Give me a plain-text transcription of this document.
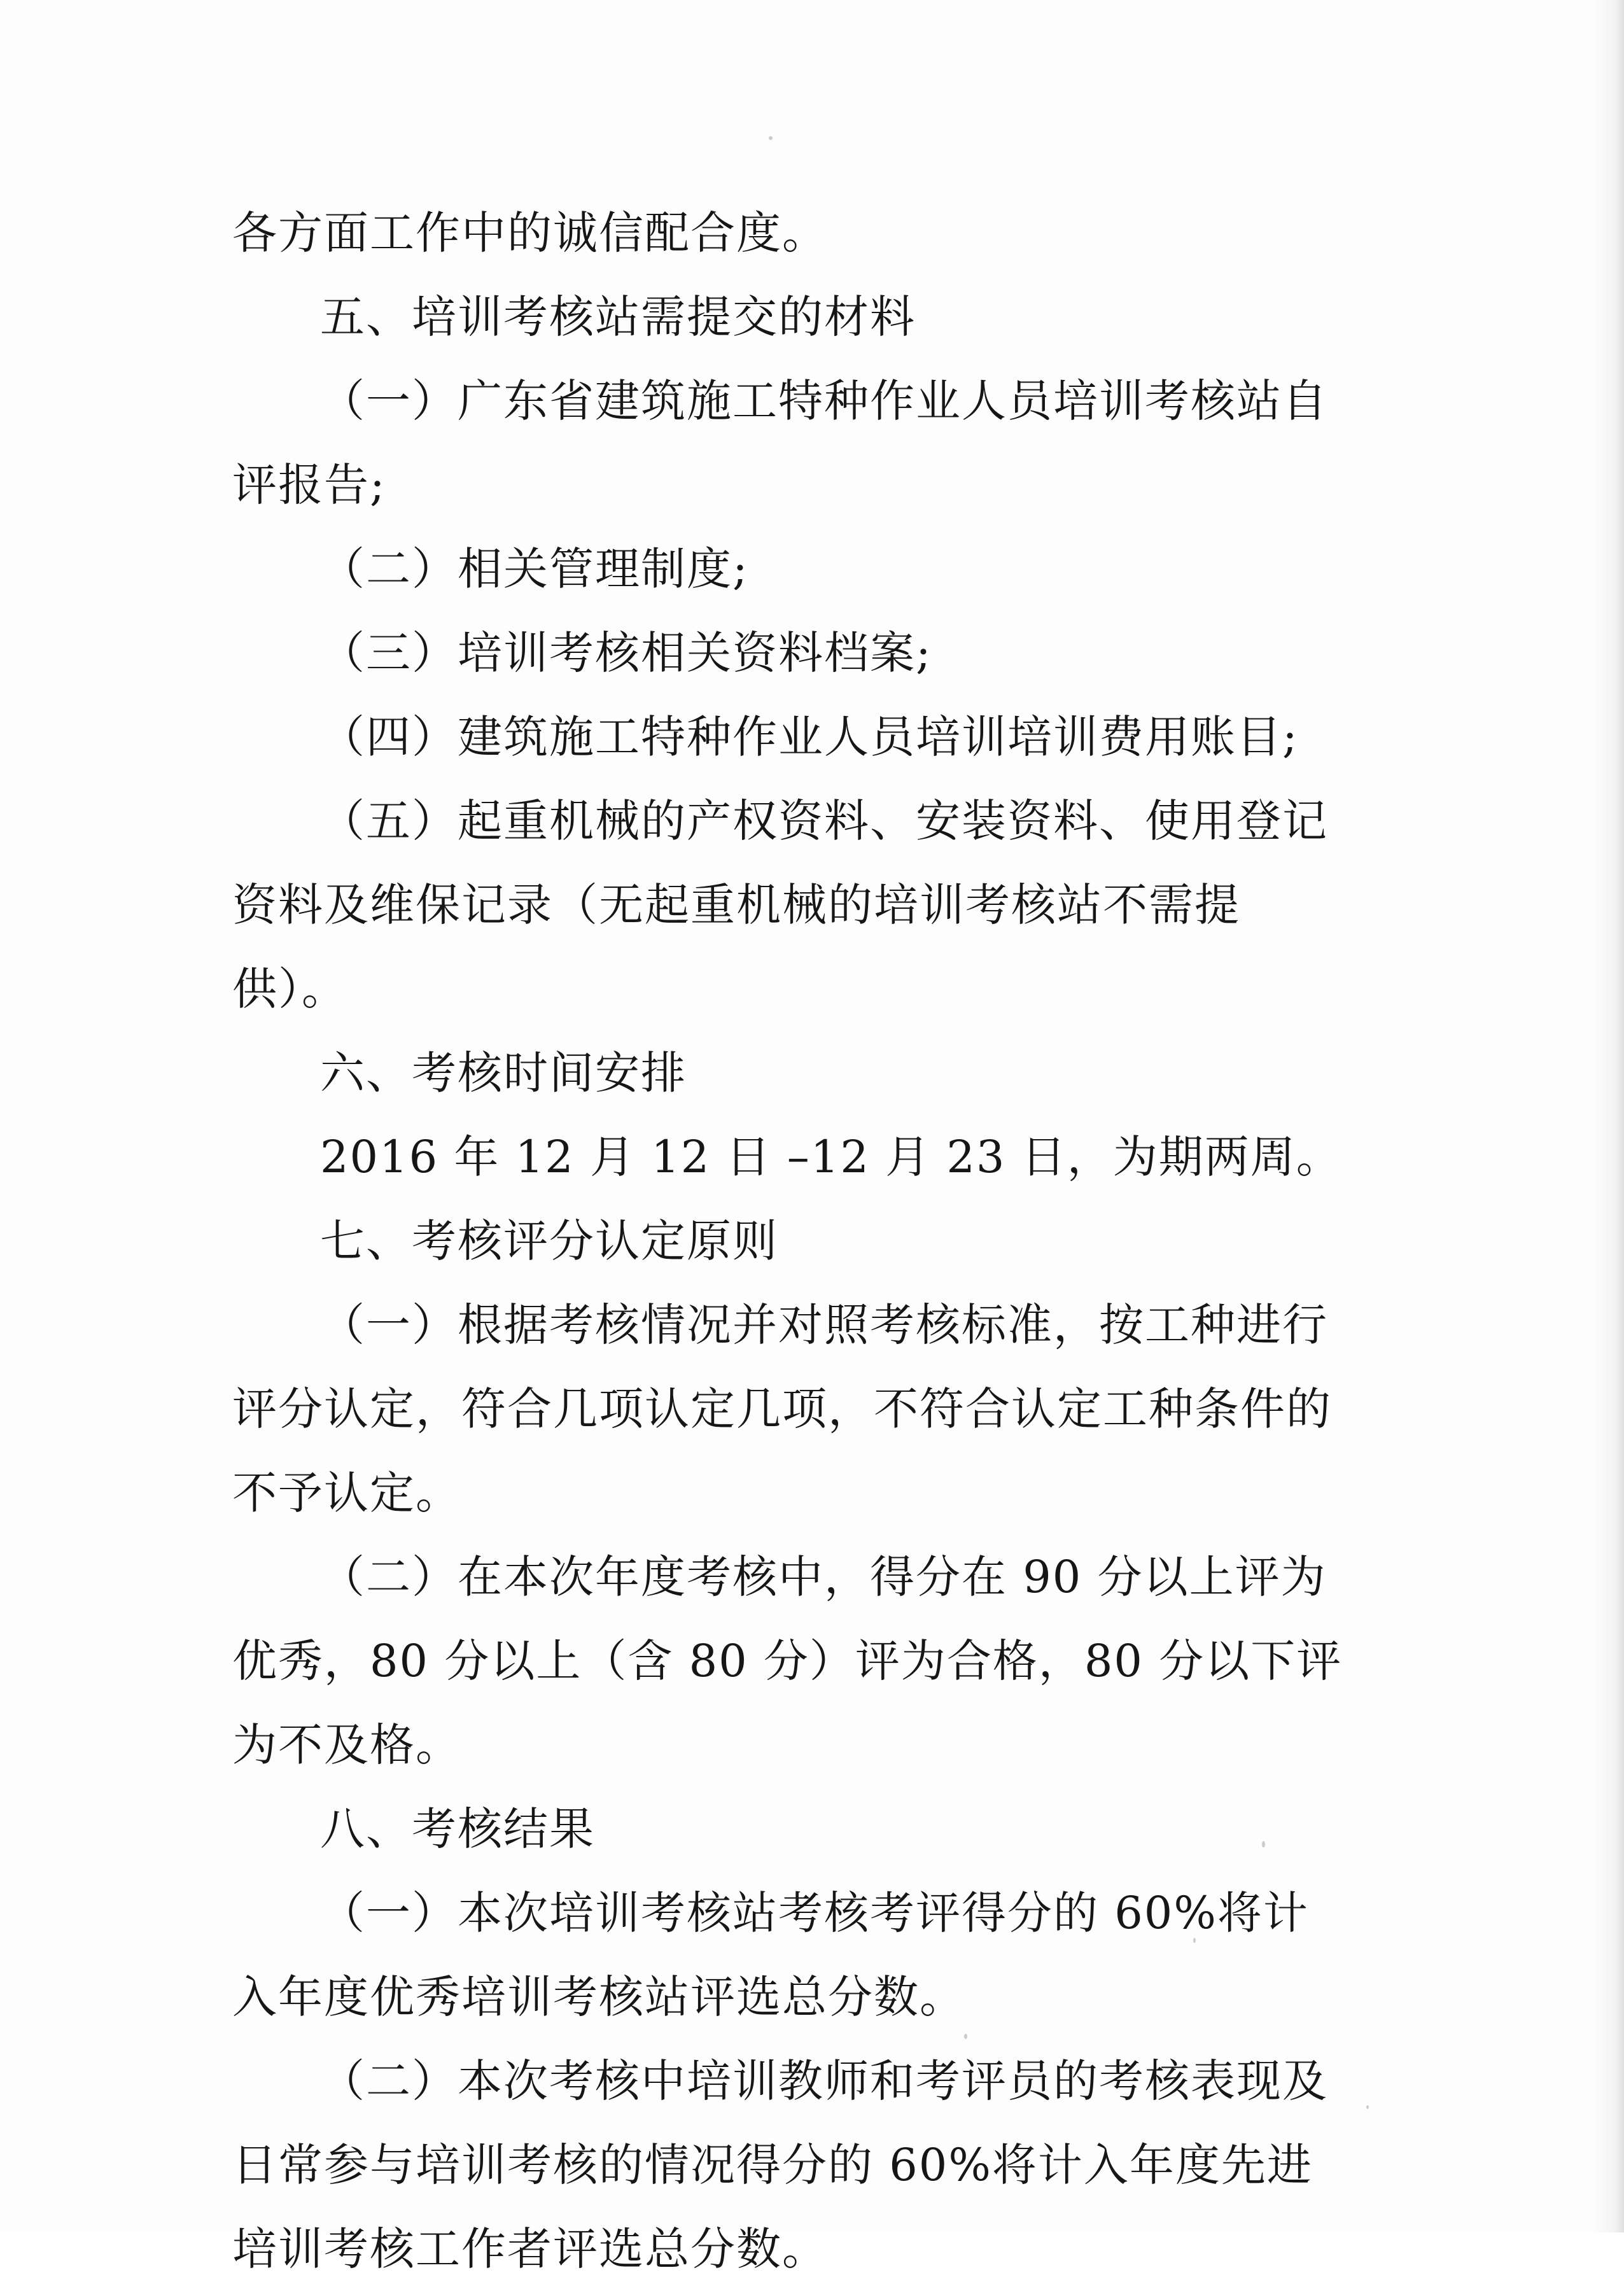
各方面工作中的诚信配合度。

五、培训考核站需提交的材料

（一）广东省建筑施工特种作业人员培训考核站自评报告;

（二）相关管理制度;

（三）培训考核相关资料档案;

（四）建筑施工特种作业人员培训培训费用账目;

（五）起重机械的产权资料、安装资料、使用登记资料及维保记录（无起重机械的培训考核站不需提供）。

六、考核时间安排

2016 年 12 月 12 日 –12 月 23 日，为期两周。

七、考核评分认定原则

（一）根据考核情况并对照考核标准，按工种进行评分认定，符合几项认定几项，不符合认定工种条件的不予认定。

（二）在本次年度考核中，得分在 90 分以上评为优秀，80 分以上（含 80 分）评为合格，80 分以下评为不及格。

八、考核结果

（一）本次培训考核站考核考评得分的 60%将计入年度优秀培训考核站评选总分数。

（二）本次考核中培训教师和考评员的考核表现及日常参与培训考核的情况得分的 60%将计入年度先进培训考核工作者评选总分数。
